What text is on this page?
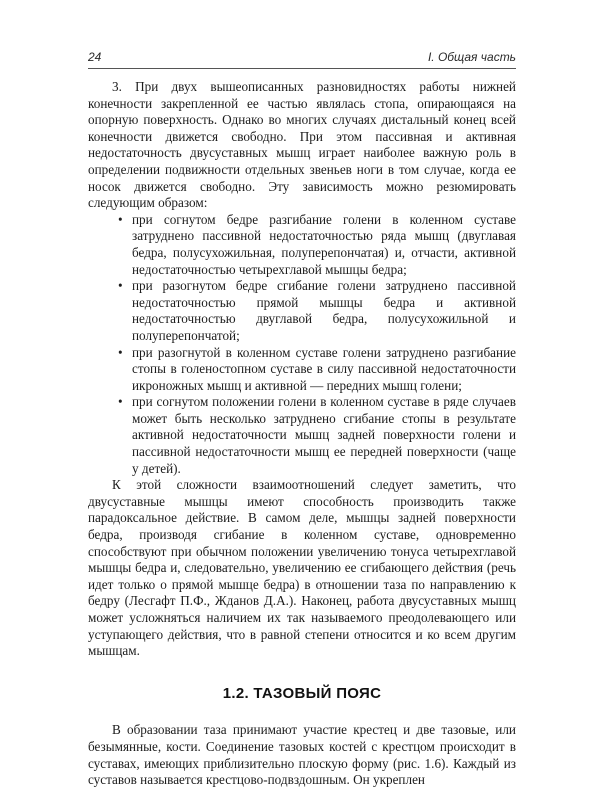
24	I. Общая часть

3. При двух вышеописанных разновидностях работы нижней конечности закрепленной ее частью являлась стопа, опирающаяся на опорную поверхность. Однако во многих случаях дистальный конец всей конечности движется свободно. При этом пассивная и активная недостаточность двусуставных мышц играет наиболее важную роль в определении подвижности отдельных звеньев ноги в том случае, когда ее носок движется свободно. Эту зависимость можно резюмировать следующим образом:

• при согнутом бедре разгибание голени в коленном суставе затруднено пассивной недостаточностью ряда мышц (двуглавая бедра, полусухожильная, полуперепончатая) и, отчасти, активной недостаточностью четырехглавой мышцы бедра;
• при разогнутом бедре сгибание голени затруднено пассивной недостаточностью прямой мышцы бедра и активной недостаточностью двуглавой бедра, полусухожильной и полуперепончатой;
• при разогнутой в коленном суставе голени затруднено разгибание стопы в голеностопном суставе в силу пассивной недостаточности икроножных мышц и активной — передних мышц голени;
• при согнутом положении голени в коленном суставе в ряде случаев может быть несколько затруднено сгибание стопы в результате активной недостаточности мышц задней поверхности голени и пассивной недостаточности мышц ее передней поверхности (чаще у детей).

К этой сложности взаимоотношений следует заметить, что двусуставные мышцы имеют способность производить также парадоксальное действие. В самом деле, мышцы задней поверхности бедра, производя сгибание в коленном суставе, одновременно способствуют при обычном положении увеличению тонуса четырехглавой мышцы бедра и, следовательно, увеличению ее сгибающего действия (речь идет только о прямой мышце бедра) в отношении таза по направлению к бедру (Лесгафт П.Ф., Жданов Д.А.). Наконец, работа двусуставных мышц может усложняться наличием их так называемого преодолевающего или уступающего действия, что в равной степени относится и ко всем другим мышцам.

1.2. ТАЗОВЫЙ ПОЯС

В образовании таза принимают участие крестец и две тазовые, или безымянные, кости. Соединение тазовых костей с крестцом происходит в суставах, имеющих приблизительно плоскую форму (рис. 1.6). Каждый из суставов называется крестцово-подвздошным. Он укреплен
